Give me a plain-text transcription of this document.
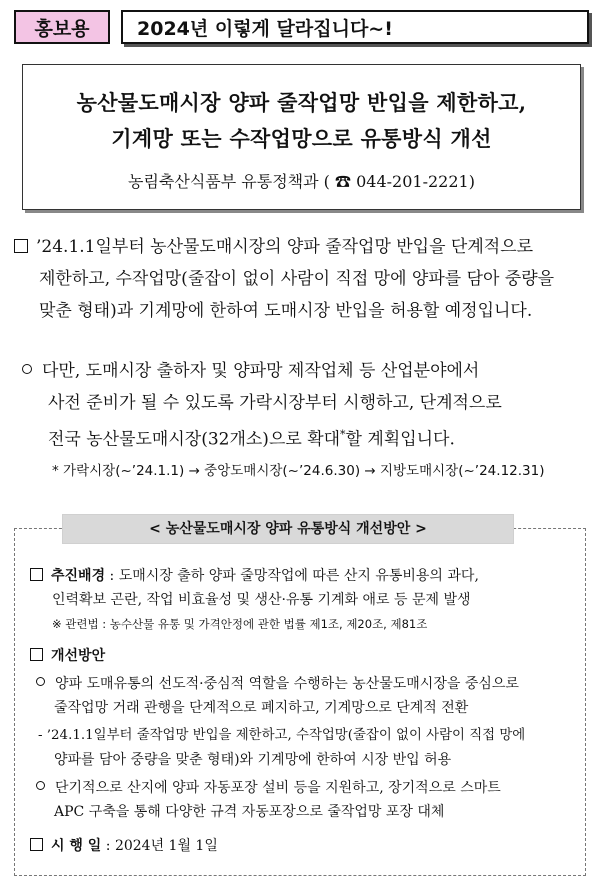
홍보용	2024년 이렇게 달라집니다~!
농산물도매시장 양파 줄작업망 반입을 제한하고,
기계망 또는 수작업망으로 유통방식 개선
농림축산식품부 유통정책과 ( ☎ 044-201-2221)
’24.1.1일부터 농산물도매시장의 양파 줄작업망 반입을 단계적으로
제한하고, 수작업망(줄잡이 없이 사람이 직접 망에 양파를 담아 중량을
맞춘 형태)과 기계망에 한하여 도매시장 반입을 허용할 예정입니다.
다만, 도매시장 출하자 및 양파망 제작업체 등 산업분야에서
사전 준비가 될 수 있도록 가락시장부터 시행하고, 단계적으로
전국 농산물도매시장(32개소)으로 확대*할 계획입니다.
* 가락시장(~’24.1.1) → 중앙도매시장(~’24.6.30) → 지방도매시장(~’24.12.31)
< 농산물도매시장 양파 유통방식 개선방안 >
추진배경 : 도매시장 출하 양파 줄망작업에 따른 산지 유통비용의 과다,
인력확보 곤란, 작업 비효율성 및 생산·유통 기계화 애로 등 문제 발생
※ 관련법 : 농수산물 유통 및 가격안정에 관한 법률 제1조, 제20조, 제81조
개선방안
양파 도매유통의 선도적·중심적 역할을 수행하는 농산물도매시장을 중심으로
줄작업망 거래 관행을 단계적으로 폐지하고, 기계망으로 단계적 전환
- ’24.1.1일부터 줄작업망 반입을 제한하고, 수작업망(줄잡이 없이 사람이 직접 망에
양파를 담아 중량을 맞춘 형태)와 기계망에 한하여 시장 반입 허용
단기적으로 산지에 양파 자동포장 설비 등을 지원하고, 장기적으로 스마트
APC 구축을 통해 다양한 규격 자동포장으로 줄작업망 포장 대체
시 행 일 : 2024년 1월 1일
